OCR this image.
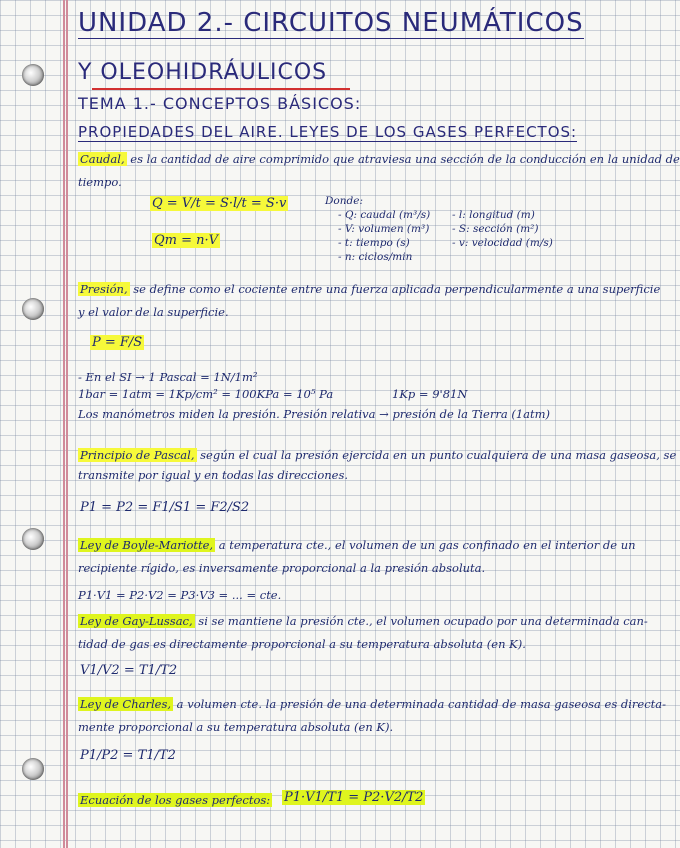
UNIDAD 2.- CIRCUITOS NEUMÁTICOS
Y OLEOHIDRÁULICOS
TEMA 1.- CONCEPTOS BÁSICOS:
PROPIEDADES DEL AIRE. LEYES DE LOS GASES PERFECTOS:
Caudal, es la cantidad de aire comprimido que atraviesa una sección de la conducción en la unidad de
tiempo.
Q = V/t = S·l/t = S·v
Qm = n·V
Donde:
- Q: caudal (m³/s)
- V: volumen (m³)
- t: tiempo (s)
- n: ciclos/min
- l: longitud (m)
- S: sección (m²)
- v: velocidad (m/s)
Presión, se define como el cociente entre una fuerza aplicada perpendicularmente a una superficie
y el valor de la superficie.
P = F/S
- En el SI → 1 Pascal = 1N/1m²
1bar = 1atm = 1Kp/cm² = 100KPa = 10⁵ Pa	1Kp = 9'81N
Los manómetros miden la presión. Presión relativa → presión de la Tierra (1atm)
Principio de Pascal, según el cual la presión ejercida en un punto cualquiera de una masa gaseosa, se
transmite por igual y en todas las direcciones.
P1 = P2 = F1/S1 = F2/S2
Ley de Boyle-Mariotte, a temperatura cte., el volumen de un gas confinado en el interior de un
recipiente rígido, es inversamente proporcional a la presión absoluta.
P1·V1 = P2·V2 = P3·V3 = ... = cte.
Ley de Gay-Lussac, si se mantiene la presión cte., el volumen ocupado por una determinada can-
tidad de gas es directamente proporcional a su temperatura absoluta (en K).
V1/V2 = T1/T2
Ley de Charles, a volumen cte. la presión de una determinada cantidad de masa gaseosa es directa-
mente proporcional a su temperatura absoluta (en K).
P1/P2 = T1/T2
Ecuación de los gases perfectos: P1·V1/T1 = P2·V2/T2
